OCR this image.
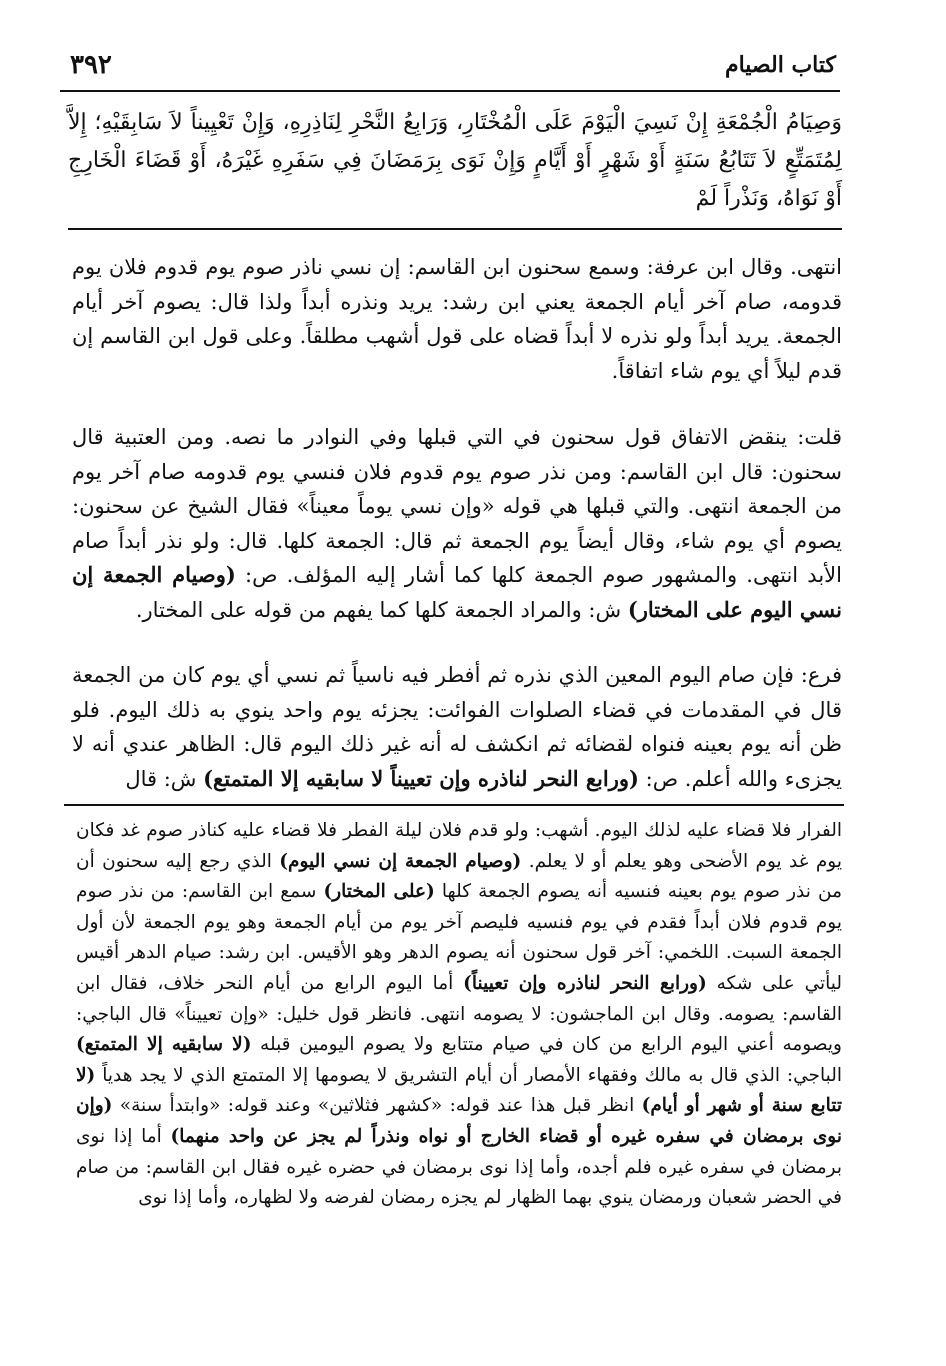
٣٩٢	كتاب الصيام

وَصِيَامُ الْجُمْعَةِ إِنْ نَسِيَ الْيَوْمَ عَلَى الْمُخْتَارِ، وَرَابِعُ النَّحْرِ لِنَاذِرِهِ، وَإِنْ تَعْيِيناً لاَ سَابِقَيْهِ؛ إِلاَّ لِمُتَمَتِّعٍ لاَ تَتَابُعُ سَنَةٍ أَوْ شَهْرٍ أَوْ أَيَّامٍ وَإِنْ نَوَى بِرَمَضَانَ فِي سَفَرِهِ غَيْرَهُ، أَوْ قَضَاءَ الْخَارِجِ أَوْ نَوَاهُ، وَنَذْراً لَمْ

انتهى. وقال ابن عرفة: وسمع سحنون ابن القاسم: إن نسي ناذر صوم يوم قدوم فلان يوم قدومه، صام آخر أيام الجمعة يعني ابن رشد: يريد ونذره أبداً ولذا قال: يصوم آخر أيام الجمعة. يريد أبداً ولو نذره لا أبداً قضاه على قول أشهب مطلقاً. وعلى قول ابن القاسم إن قدم ليلاً أي يوم شاء اتفاقاً.

قلت: ينقض الاتفاق قول سحنون في التي قبلها وفي النوادر ما نصه. ومن العتبية قال سحنون: قال ابن القاسم: ومن نذر صوم يوم قدوم فلان فنسي يوم قدومه صام آخر يوم من الجمعة انتهى. والتي قبلها هي قوله «وإن نسي يوماً معيناً» فقال الشيخ عن سحنون: يصوم أي يوم شاء، وقال أيضاً يوم الجمعة ثم قال: الجمعة كلها. قال: ولو نذر أبداً صام الأبد انتهى. والمشهور صوم الجمعة كلها كما أشار إليه المؤلف. ص: (وصيام الجمعة إن نسي اليوم على المختار) ش: والمراد الجمعة كلها كما يفهم من قوله على المختار.

فرع: فإن صام اليوم المعين الذي نذره ثم أفطر فيه ناسياً ثم نسي أي يوم كان من الجمعة قال في المقدمات في قضاء الصلوات الفوائت: يجزئه يوم واحد ينوي به ذلك اليوم. فلو ظن أنه يوم بعينه فنواه لقضائه ثم انكشف له أنه غير ذلك اليوم قال: الظاهر عندي أنه لا يجزىء والله أعلم. ص: (ورابع النحر لناذره وإن تعييناً لا سابقيه إلا المتمتع) ش: قال

الفرار فلا قضاء عليه لذلك اليوم. أشهب: ولو قدم فلان ليلة الفطر فلا قضاء عليه كناذر صوم غد فكان يوم غد يوم الأضحى وهو يعلم أو لا يعلم. (وصيام الجمعة إن نسي اليوم) الذي رجع إليه سحنون أن من نذر صوم يوم بعينه فنسيه أنه يصوم الجمعة كلها (على المختار) سمع ابن القاسم: من نذر صوم يوم قدوم فلان أبداً فقدم في يوم فنسيه فليصم آخر يوم من أيام الجمعة وهو يوم الجمعة لأن أول الجمعة السبت. اللخمي: آخر قول سحنون أنه يصوم الدهر وهو الأقيس. ابن رشد: صيام الدهر أقيس ليأتي على شكه (ورابع النحر لناذره وإن تعييناً) أما اليوم الرابع من أيام النحر خلاف، فقال ابن القاسم: يصومه. وقال ابن الماجشون: لا يصومه انتهى. فانظر قول خليل: «وإن تعييناً» قال الباجي: ويصومه أعني اليوم الرابع من كان في صيام متتابع ولا يصوم اليومين قبله (لا سابقيه إلا المتمتع) الباجي: الذي قال به مالك وفقهاء الأمصار أن أيام التشريق لا يصومها إلا المتمتع الذي لا يجد هدياً (لا تتابع سنة أو شهر أو أيام) انظر قبل هذا عند قوله: «كشهر فثلاثين» وعند قوله: «وابتدأ سنة» (وإن نوى برمضان في سفره غيره أو قضاء الخارج أو نواه ونذراً لم يجز عن واحد منهما) أما إذا نوى برمضان في سفره غيره فلم أجده، وأما إذا نوى برمضان في حضره غيره فقال ابن القاسم: من صام في الحضر شعبان ورمضان ينوي بهما الظهار لم يجزه رمضان لفرضه ولا لظهاره، وأما إذا نوى
